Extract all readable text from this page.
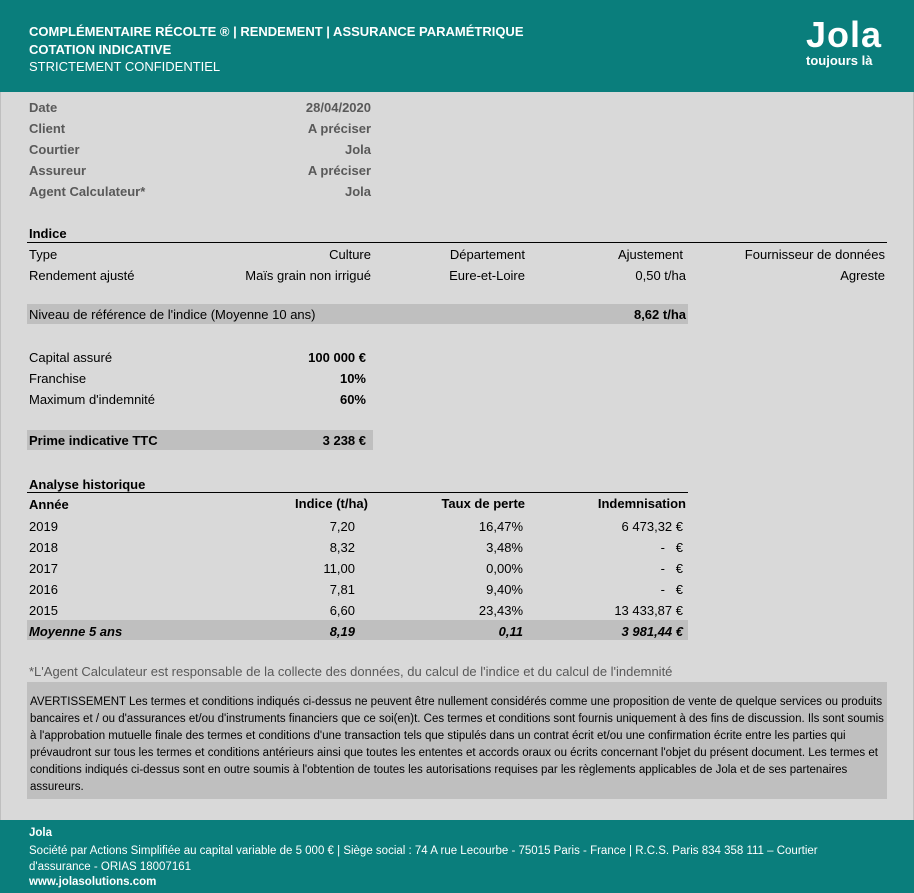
COMPLÉMENTAIRE RÉCOLTE ® | RENDEMENT | ASSURANCE PARAMÉTRIQUE
COTATION INDICATIVE
STRICTEMENT CONFIDENTIEL
Jola
toujours là
Date	28/04/2020
Client	A préciser
Courtier	Jola
Assureur	A préciser
Agent Calculateur*	Jola
Indice
Type	Culture	Département	Ajustement	Fournisseur de données
Rendement ajusté	Maïs grain non irrigué	Eure-et-Loire	0,50 t/ha	Agreste
Niveau de référence de l'indice (Moyenne 10 ans)	8,62 t/ha
Capital assuré	100 000 €
Franchise	10%
Maximum d'indemnité	60%
Prime indicative TTC	3 238 €
Analyse historique
Année	Indice (t/ha)	Taux de perte	Indemnisation
2019	7,20	16,47%	6 473,32 €
2018	8,32	3,48%	-   €
2017	11,00	0,00%	-   €
2016	7,81	9,40%	-   €
2015	6,60	23,43%	13 433,87 €
Moyenne 5 ans	8,19	0,11	3 981,44 €
*L'Agent Calculateur est responsable de la collecte des données, du calcul de l'indice et du calcul de l'indemnité
AVERTISSEMENT Les termes et conditions indiqués ci-dessus ne peuvent être nullement considérés comme une proposition de vente de quelque services ou produits bancaires et / ou d'assurances et/ou d'instruments financiers que ce soi(en)t. Ces termes et conditions sont fournis uniquement à des fins de discussion. Ils sont soumis à l'approbation mutuelle finale des termes et conditions d'une transaction tels que stipulés dans un contrat écrit et/ou une confirmation écrite entre les parties qui prévaudront sur tous les termes et conditions antérieurs ainsi que toutes les ententes et accords oraux ou écrits concernant l'objet du présent document. Les termes et conditions indiqués ci-dessus sont en outre soumis à l'obtention de toutes les autorisations requises par les règlements applicables de Jola et de ses partenaires assureurs.
Jola
Société par Actions Simplifiée au capital variable de 5 000 € | Siège social : 74 A rue Lecourbe - 75015 Paris - France | R.C.S. Paris 834 358 111 – Courtier d'assurance - ORIAS 18007161
www.jolasolutions.com
